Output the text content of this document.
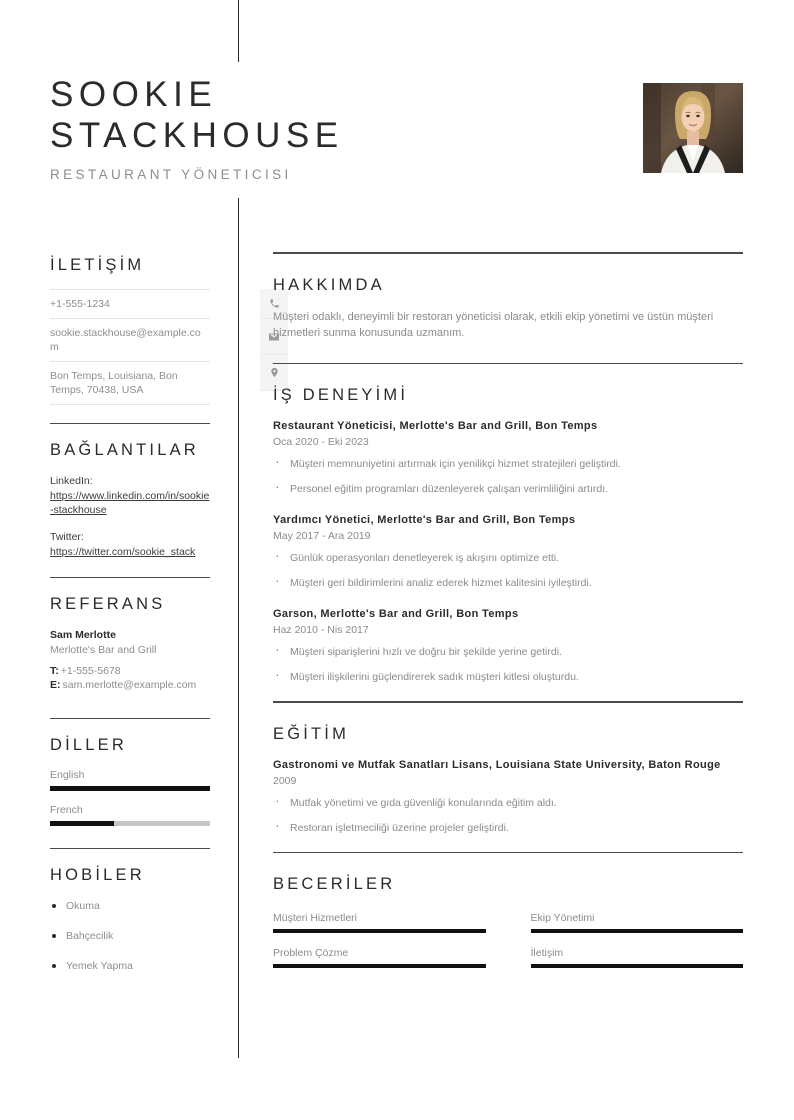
SOOKIE
STACKHOUSE
RESTAURANT YÖNETICISI
İLETİŞİM
+1-555-1234
sookie.stackhouse@example.com
Bon Temps, Louisiana, Bon Temps, 70438, USA
BAĞLANTILAR
LinkedIn:
https://www.linkedin.com/in/sookie-stackhouse
Twitter:
https://twitter.com/sookie_stack
REFERANS
Sam Merlotte
Merlotte's Bar and Grill
T: +1-555-5678
E: sam.merlotte@example.com
DİLLER
English
French
HOBİLER
Okuma
Bahçecilik
Yemek Yapma
HAKKIMDA
Müşteri odaklı, deneyimli bir restoran yöneticisi olarak, etkili ekip yönetimi ve üstün müşteri hizmetleri sunma konusunda uzmanım.
İŞ DENEYİMİ
Restaurant Yöneticisi, Merlotte's Bar and Grill, Bon Temps
Oca 2020 - Eki 2023
· Müşteri memnuniyetini artırmak için yenilikçi hizmet stratejileri geliştirdi.
· Personel eğitim programları düzenleyerek çalışan verimliliğini artırdı.
Yardımcı Yönetici, Merlotte's Bar and Grill, Bon Temps
May 2017 - Ara 2019
· Günlük operasyonları denetleyerek iş akışını optimize etti.
· Müşteri geri bildirimlerini analiz ederek hizmet kalitesini iyileştirdi.
Garson, Merlotte's Bar and Grill, Bon Temps
Haz 2010 - Nis 2017
· Müşteri siparişlerini hızlı ve doğru bir şekilde yerine getirdi.
· Müşteri ilişkilerini güçlendirerek sadık müşteri kitlesi oluşturdu.
EĞİTİM
Gastronomi ve Mutfak Sanatları Lisans, Louisiana State University, Baton Rouge
2009
· Mutfak yönetimi ve gıda güvenliği konularında eğitim aldı.
· Restoran işletmeciliği üzerine projeler geliştirdi.
BECERİLER
Müşteri Hizmetleri	Ekip Yönetimi
Problem Çözme	İletişim
